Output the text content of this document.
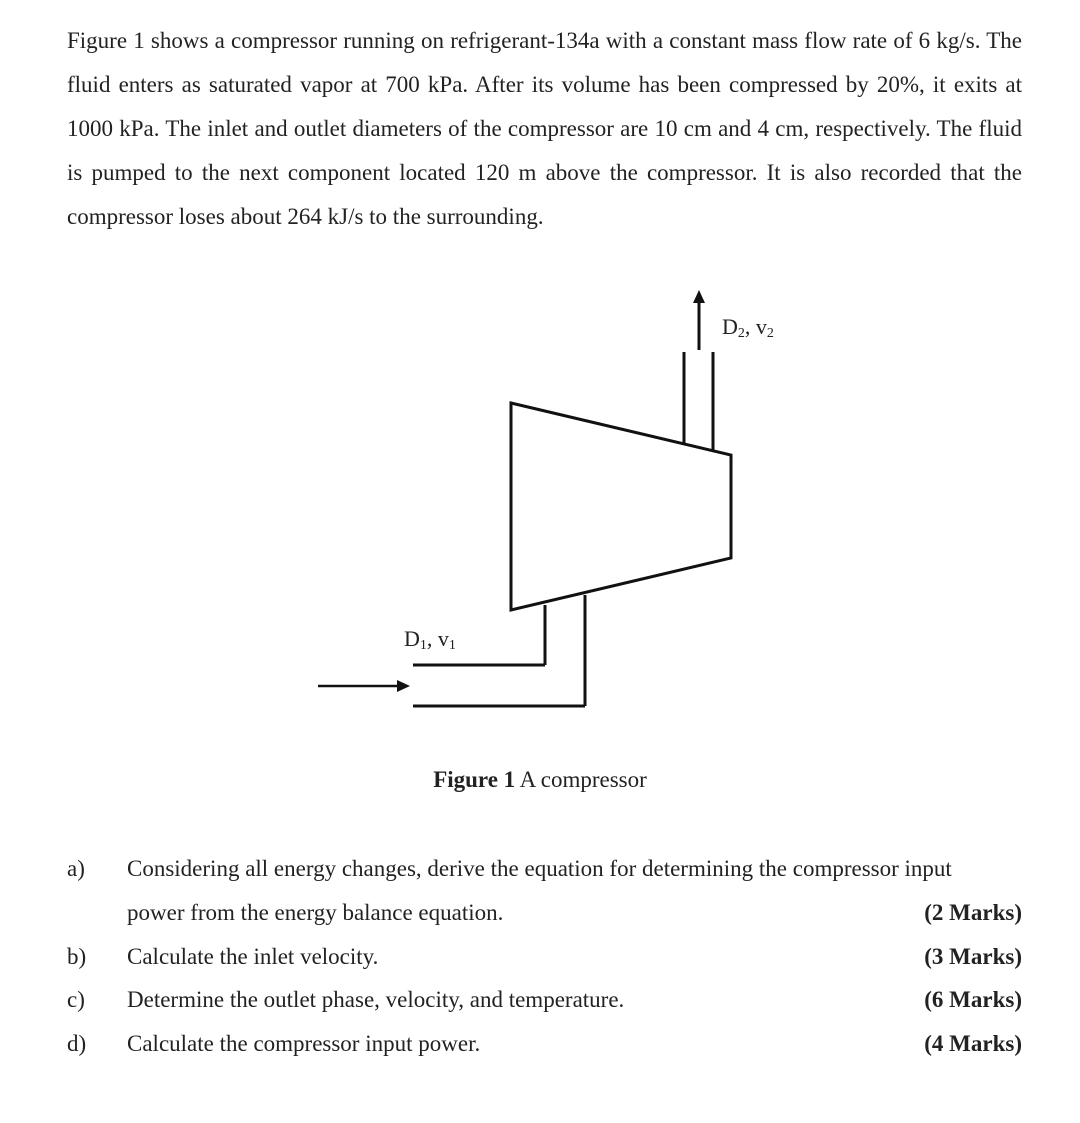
Figure 1 shows a compressor running on refrigerant-134a with a constant mass flow rate of 6 kg/s. The fluid enters as saturated vapor at 700 kPa. After its volume has been compressed by 20%, it exits at 1000 kPa. The inlet and outlet diameters of the compressor are 10 cm and 4 cm, respectively. The fluid is pumped to the next component located 120 m above the compressor. It is also recorded that the compressor loses about 264 kJ/s to the surrounding.

$D_2$, $v_2$
$D_1$, $v_1$
Figure 1 A compressor
a) Considering all energy changes, derive the equation for determining the compressor input
power from the energy balance equation.	(2 Marks)
b) Calculate the inlet velocity.	(3 Marks)
c) Determine the outlet phase, velocity, and temperature.	(6 Marks)
d) Calculate the compressor input power.	(4 Marks)
